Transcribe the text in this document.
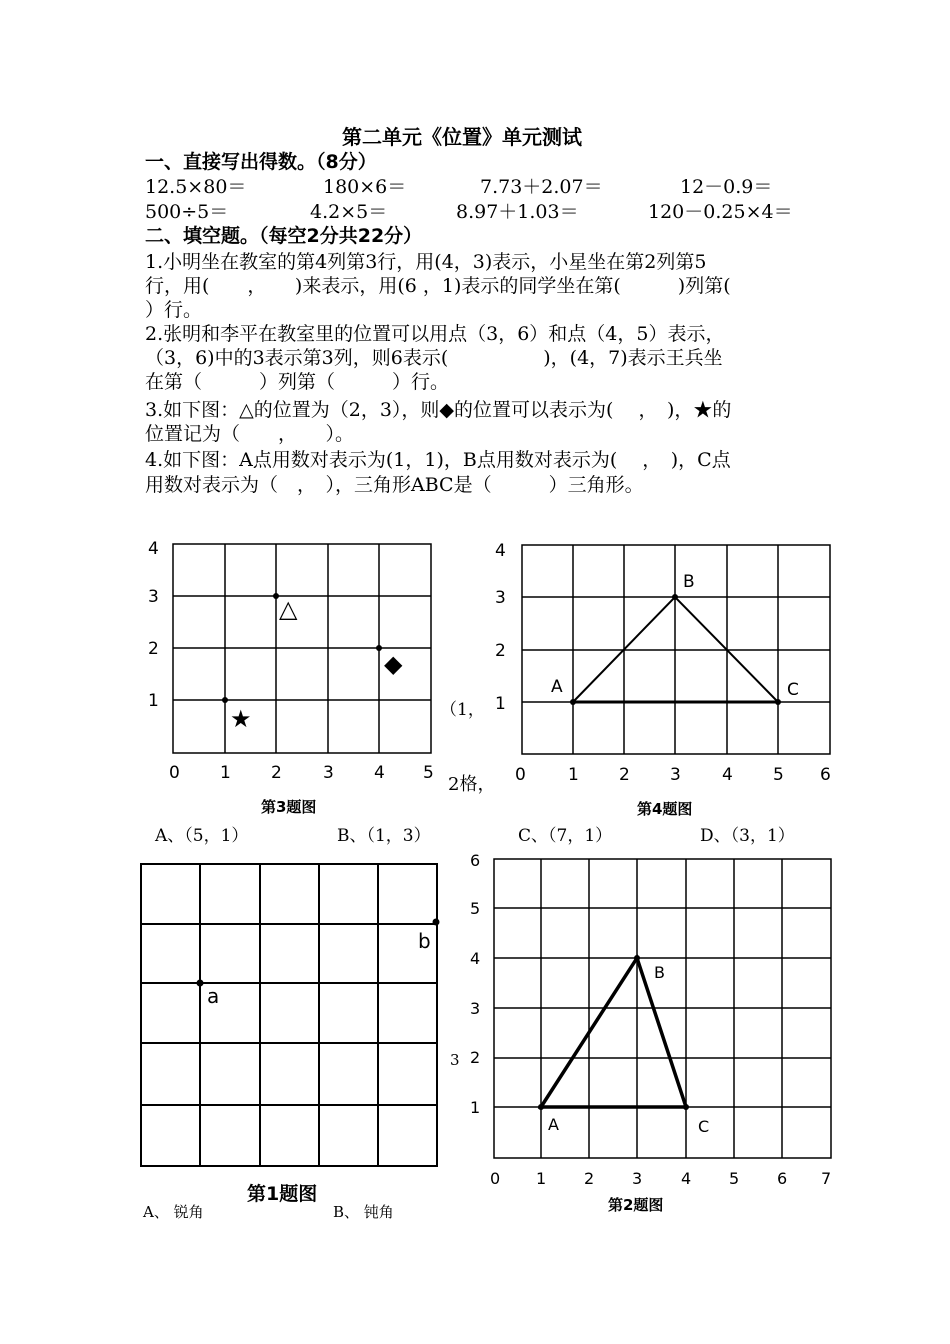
第二单元《位置》单元测试
一、直接写出得数。（8分）
12.5×80＝	180×6＝	7.73＋2.07＝	12－0.9＝
500÷5＝	4.2×5＝	8.97＋1.03＝	120－0.25×4＝
二、填空题。（每空2分共22分）
1.小明坐在教室的第4列第3行，用(4，3)表示，小星坐在第2列第5
行，用(　　，　　)来表示，用(6 ，1)表示的同学坐在第(　　　)列第(
）行。
2.张明和李平在教室里的位置可以用点（3，6）和点（4，5）表示，
（3，6)中的3表示第3列，则6表示(　　　　　)，(4，7)表示王兵坐
在第（　　　）列第（　　　）行。
3.如下图：△的位置为（2，3），则◆的位置可以表示为(　 ，　)，★的
位置记为（　　，　　）。
4.如下图：A点用数对表示为(1，1)，B点用数对表示为(　 ，　)，C点
用数对表示为（　，　），三角形ABC是（　　　）三角形。
（1，
2格，
3
A、 锐角	B、 钝角
A、（5，1）	B、（1，3）	C、（7，1）	D、（3，1）
0 1 2 3 4 5
1
2
3
4
△
◆
★
第3题图
A
B
C
0 1 2 3 4 5 6
1
2
3
4
第4题图
a
b
第1题图
A
B
C
0 1 2 3 4 5 6 7
1
2
3
4
5
6
第2题图
